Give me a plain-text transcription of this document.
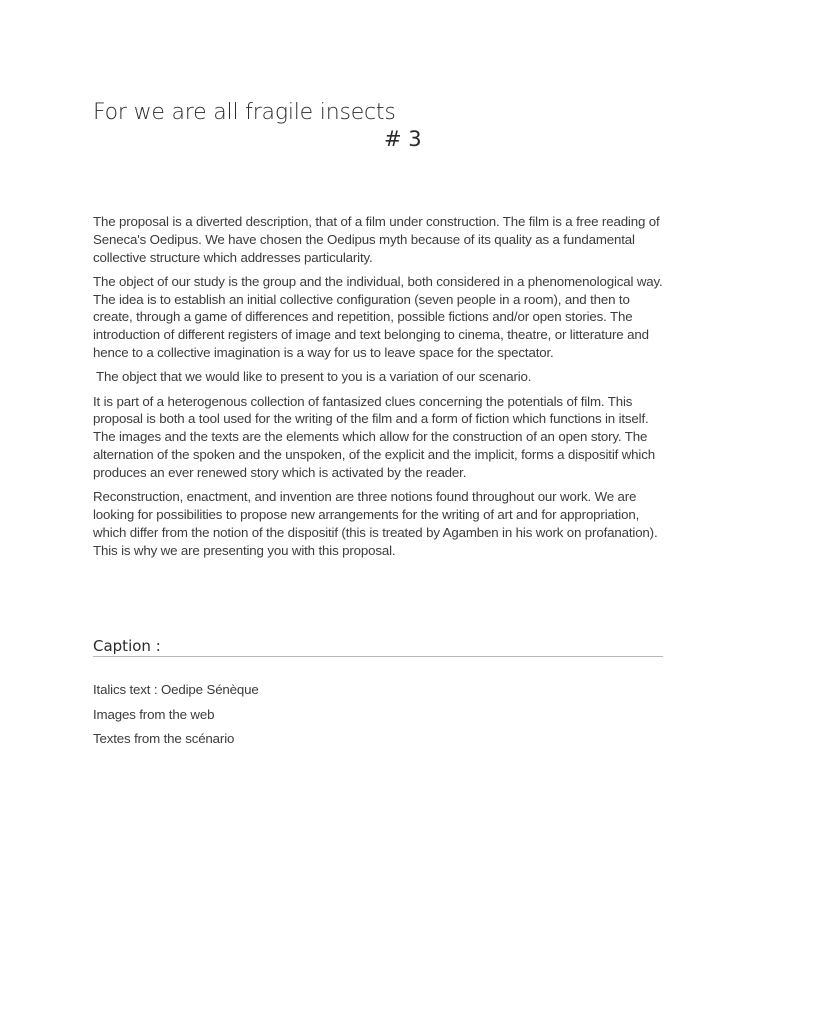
For we are all fragile insects
# 3

The proposal is a diverted description, that of a film under construction. The film is a free reading of Seneca's Oedipus. We have chosen the Oedipus myth because of its quality as a fundamental collective structure which addresses particularity.

The object of our study is the group and the individual, both considered in a phenomenological way. The idea is to establish an initial collective configuration (seven people in a room), and then to create, through a game of differences and repetition, possible fictions and/or open stories. The introduction of different registers of image and text belonging to cinema, theatre, or litterature and hence to a collective imagination is a way for us to leave space for the spectator.

The object that we would like to present to you is a variation of our scenario.

It is part of a heterogenous collection of fantasized clues concerning the potentials of film. This proposal is both a tool used for the writing of the film and a form of fiction which functions in itself. The images and the texts are the elements which allow for the construction of an open story. The alternation of the spoken and the unspoken, of the explicit and the implicit, forms a dispositif which produces an ever renewed story which is activated by the reader.

Reconstruction, enactment, and invention are three notions found throughout our work. We are looking for possibilities to propose new arrangements for the writing of art and for appropriation, which differ from the notion of the dispositif (this is treated by Agamben in his work on profanation). This is why we are presenting you with this proposal.

Caption :
Italics text : Oedipe Sénèque
Images from the web
Textes from the scénario
